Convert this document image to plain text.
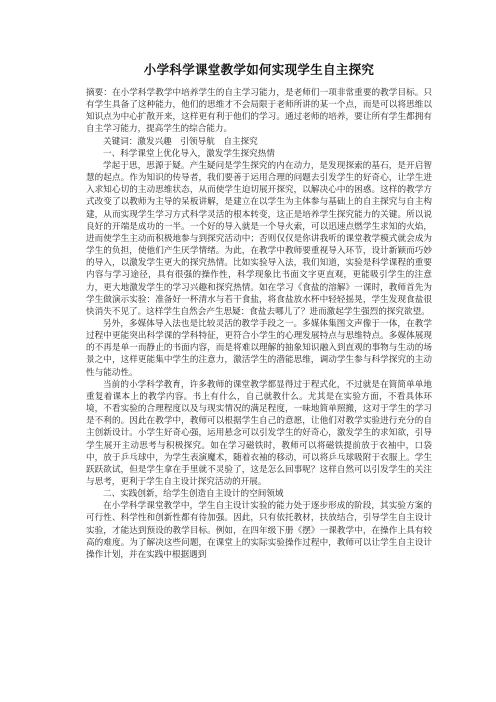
小学科学课堂教学如何实现学生自主探究

摘要：在小学科学教学中培养学生的自主学习能力，是老师们一项非常重要的教学目标。只有学生具备了这种能力，他们的思维才不会局限于老师所讲的某一个点，而是可以将思维以知识点为中心扩散开来，这样更有利于他们的学习。通过老师的培养，要让所有学生都拥有自主学习能力，提高学生的综合能力。

关键词：激发兴趣　引领导航　自主探究

一、科学课堂上优化导入，激发学生探究热情

学起于思，思源于疑。产生疑问是学生探究的内在动力，是发现探索的基石，是开启智慧的起点。作为知识的传导者，我们要善于运用合理的问题去引发学生的好奇心，让学生进入求知心切的主动思维状态，从而使学生迫切展开探究，以解决心中的困惑。这样的教学方式改变了以教师为主导的呆板讲解，是建立在以学生为主体参与基础上的自主探究与自主构建，从而实现学生学习方式科学灵活的根本转变，这正是培养学生探究能力的关键。所以说良好的开端是成功的一半。一个好的导入就是一个导火索，可以迅速点燃学生求知的火焰，进而使学生主动而积极地参与到探究活动中；否则仅仅是你讲我听的课堂教学模式就会成为学生的负担，使他们产生厌学情绪。为此，在教学中教师要重视导入环节，设计新颖而巧妙的导入，以激发学生更大的探究热情。比如实验导入法，我们知道，实验是科学课程的重要内容与学习途径，具有很强的操作性，科学现象比书面文字更直观，更能吸引学生的注意力，更大地激发学生的学习兴趣和探究热情。如在学习《食盐的溶解》一课时，教师首先为学生做演示实验：准备好一杯清水与若干食盐，将食盐放水杯中轻轻摇晃，学生发现食盐很快消失不见了。这样学生自然会产生思疑：食盐去哪儿了？进而激起学生强烈的探究欲望。

另外，多媒体导入法也是比较灵活的教学手段之一。多媒体集图文声像于一体，在教学过程中更能突出科学课的学科特征，更符合小学生的心理发展特点与思维特点。多媒体展现的不再是单一而静止的书面内容，而是将难以理解的抽象知识融入到直观的事物与生动的场景之中，这样更能集中学生的注意力，激活学生的潜能思维，调动学生参与科学探究的主动性与能动性。

当前的小学科学教育，许多教师的课堂教学都显得过于程式化，不过就是在简简单单地重复着课本上的教学内容。书上有什么，自己就教什么。尤其是在实验方面，不看具体环境，不看实验的合理程度以及与现实情况的满足程度，一味地简单照搬，这对于学生的学习是不利的。因此在教学中，教师可以根据学生自己的意愿，让他们对教学实验进行充分的自主创新设计。小学生好奇心强，运用悬念可以引发学生的好奇心，激发学生的求知欲，引导学生展开主动思考与积极探究。如在学习磁铁时，教师可以将磁铁提前放于衣袖中，口袋中，放于乒乓球中，为学生表演魔术，随着衣袖的移动，可以将乒乓球吸附于衣服上。学生跃跃欲试，但是学生拿在手里就不灵验了，这是怎么回事呢？这样自然可以引发学生的关注与思考，更利于学生自主设计探究活动的开展。

二、实践创新，给学生创造自主设计的空间领域

在小学科学课堂教学中，学生自主设计实验的能力处于逐步形成的阶段，其实验方案的可行性、科学性和创新性都有待加强。因此，只有依托教材，扶放结合，引导学生自主设计实验，才能达到预设的教学目标。例如，在四年级下册《摆》一课教学中，在操作上具有较高的难度。为了解决这些问题，在课堂上的实际实验操作过程中，教师可以让学生自主设计操作计划，并在实践中根据遇到
